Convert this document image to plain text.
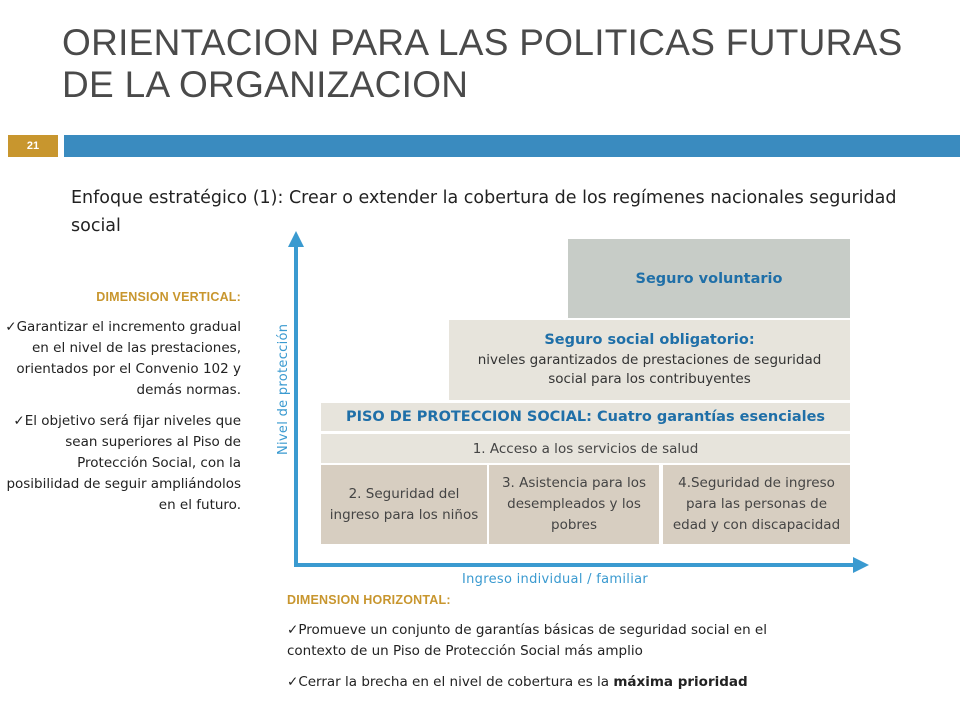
ORIENTACION PARA LAS POLITICAS FUTURAS DE LA ORGANIZACION
21
Enfoque estratégico (1): Crear o extender la cobertura de los regímenes nacionales seguridad social
DIMENSION VERTICAL:

✓Garantizar el incremento gradual en el nivel de las prestaciones, orientados por el Convenio 102 y demás normas.

✓El objetivo será fijar niveles que sean superiores al Piso de Protección Social, con la posibilidad de seguir ampliándolos en el futuro.

Nivel de protección
Ingreso individual / familiar
Seguro voluntario
Seguro social obligatorio:
niveles garantizados de prestaciones de seguridad social para los contribuyentes
PISO DE PROTECCION SOCIAL: Cuatro garantías esenciales
1. Acceso a los servicios de salud
2. Seguridad del ingreso para los niños
3. Asistencia para los desempleados y los pobres
4.Seguridad de ingreso para las personas de edad y con discapacidad
DIMENSION HORIZONTAL:

✓Promueve un conjunto de garantías básicas de seguridad social en el contexto de un Piso de Protección Social más amplio

✓Cerrar la brecha en el nivel de cobertura es la máxima prioridad
